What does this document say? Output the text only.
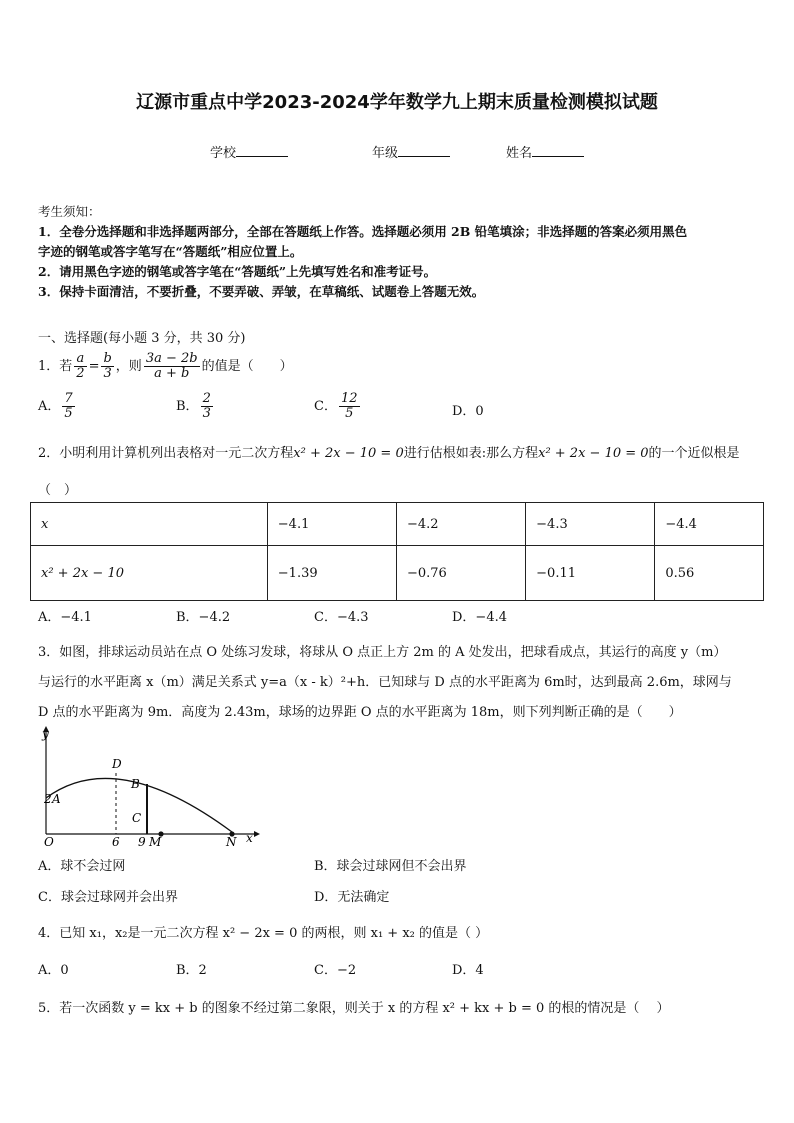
辽源市重点中学2023-2024学年数学九上期末质量检测模拟试题
学校	年级	姓名
考生须知：
1．全卷分选择题和非选择题两部分，全部在答题纸上作答。选择题必须用 2B 铅笔填涂；非选择题的答案必须用黑色
字迹的钢笔或答字笔写在“答题纸”相应位置上。
2．请用黑色字迹的钢笔或答字笔在“答题纸”上先填写姓名和准考证号。
3．保持卡面清洁，不要折叠，不要弄破、弄皱，在草稿纸、试题卷上答题无效。
一、选择题(每小题 3 分，共 30 分)
1．若 $\frac{a}{2} = \frac{b}{3}$ ，则 $\frac{3a - 2b}{a + b}$ 的值是（　　）
A． $\frac{7}{5}$	B． $\frac{2}{3}$	C． $\frac{12}{5}$	D．0
2．小明利用计算机列出表格对一元二次方程x² + 2x − 10 = 0进行估根如表:那么方程x² + 2x − 10 = 0的一个近似根是
（　）
x	−4.1	−4.2	−4.3	−4.4
x² + 2x − 10	−1.39	−0.76	−0.11	0.56
A．−4.1	B．−4.2	C．−4.3	D．−4.4
3．如图，排球运动员站在点 O 处练习发球，将球从 O 点正上方 2m 的 A 处发出，把球看成点，其运行的高度 y（m）
与运行的水平距离 x（m）满足关系式 y=a（x - k）²+h．已知球与 D 点的水平距离为 6m时，达到最高 2.6m，球网与
D 点的水平距离为 9m．高度为 2.43m，球场的边界距 O 点的水平距离为 18m，则下列判断正确的是（　　）
y
x
O
2 A
D
B
C
6 9 M	N
A．球不会过网	B．球会过球网但不会出界
C．球会过球网并会出界	D．无法确定
4．已知 x₁，x₂是一元二次方程 x² − 2x = 0 的两根，则 x₁ + x₂ 的值是（ ）
A．0	B．2	C．−2	D．4
5．若一次函数 y = kx + b 的图象不经过第二象限，则关于 x 的方程 x² + kx + b = 0 的根的情况是（　 ）
